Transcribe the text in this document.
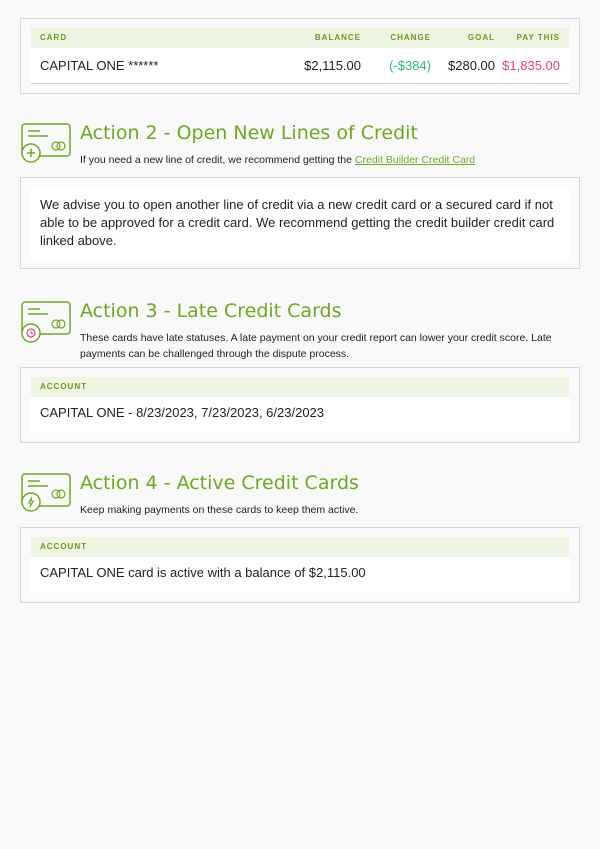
CARD	BALANCE	CHANGE	GOAL	PAY THIS
CAPITAL ONE ******	$2,115.00 (-$384) $280.00 $1,835.00
Action 2 - Open New Lines of Credit
If you need a new line of credit, we recommend getting the Credit Builder Credit Card
We advise you to open another line of credit via a new credit card or a secured card if not able to be approved for a credit card. We recommend getting the credit builder credit card linked above.
Action 3 - Late Credit Cards
These cards have late statuses. A late payment on your credit report can lower your credit score. Late payments can be challenged through the dispute process.
ACCOUNT
CAPITAL ONE - 8/23/2023, 7/23/2023, 6/23/2023
Action 4 - Active Credit Cards
Keep making payments on these cards to keep them active.
ACCOUNT
CAPITAL ONE card is active with a balance of $2,115.00
